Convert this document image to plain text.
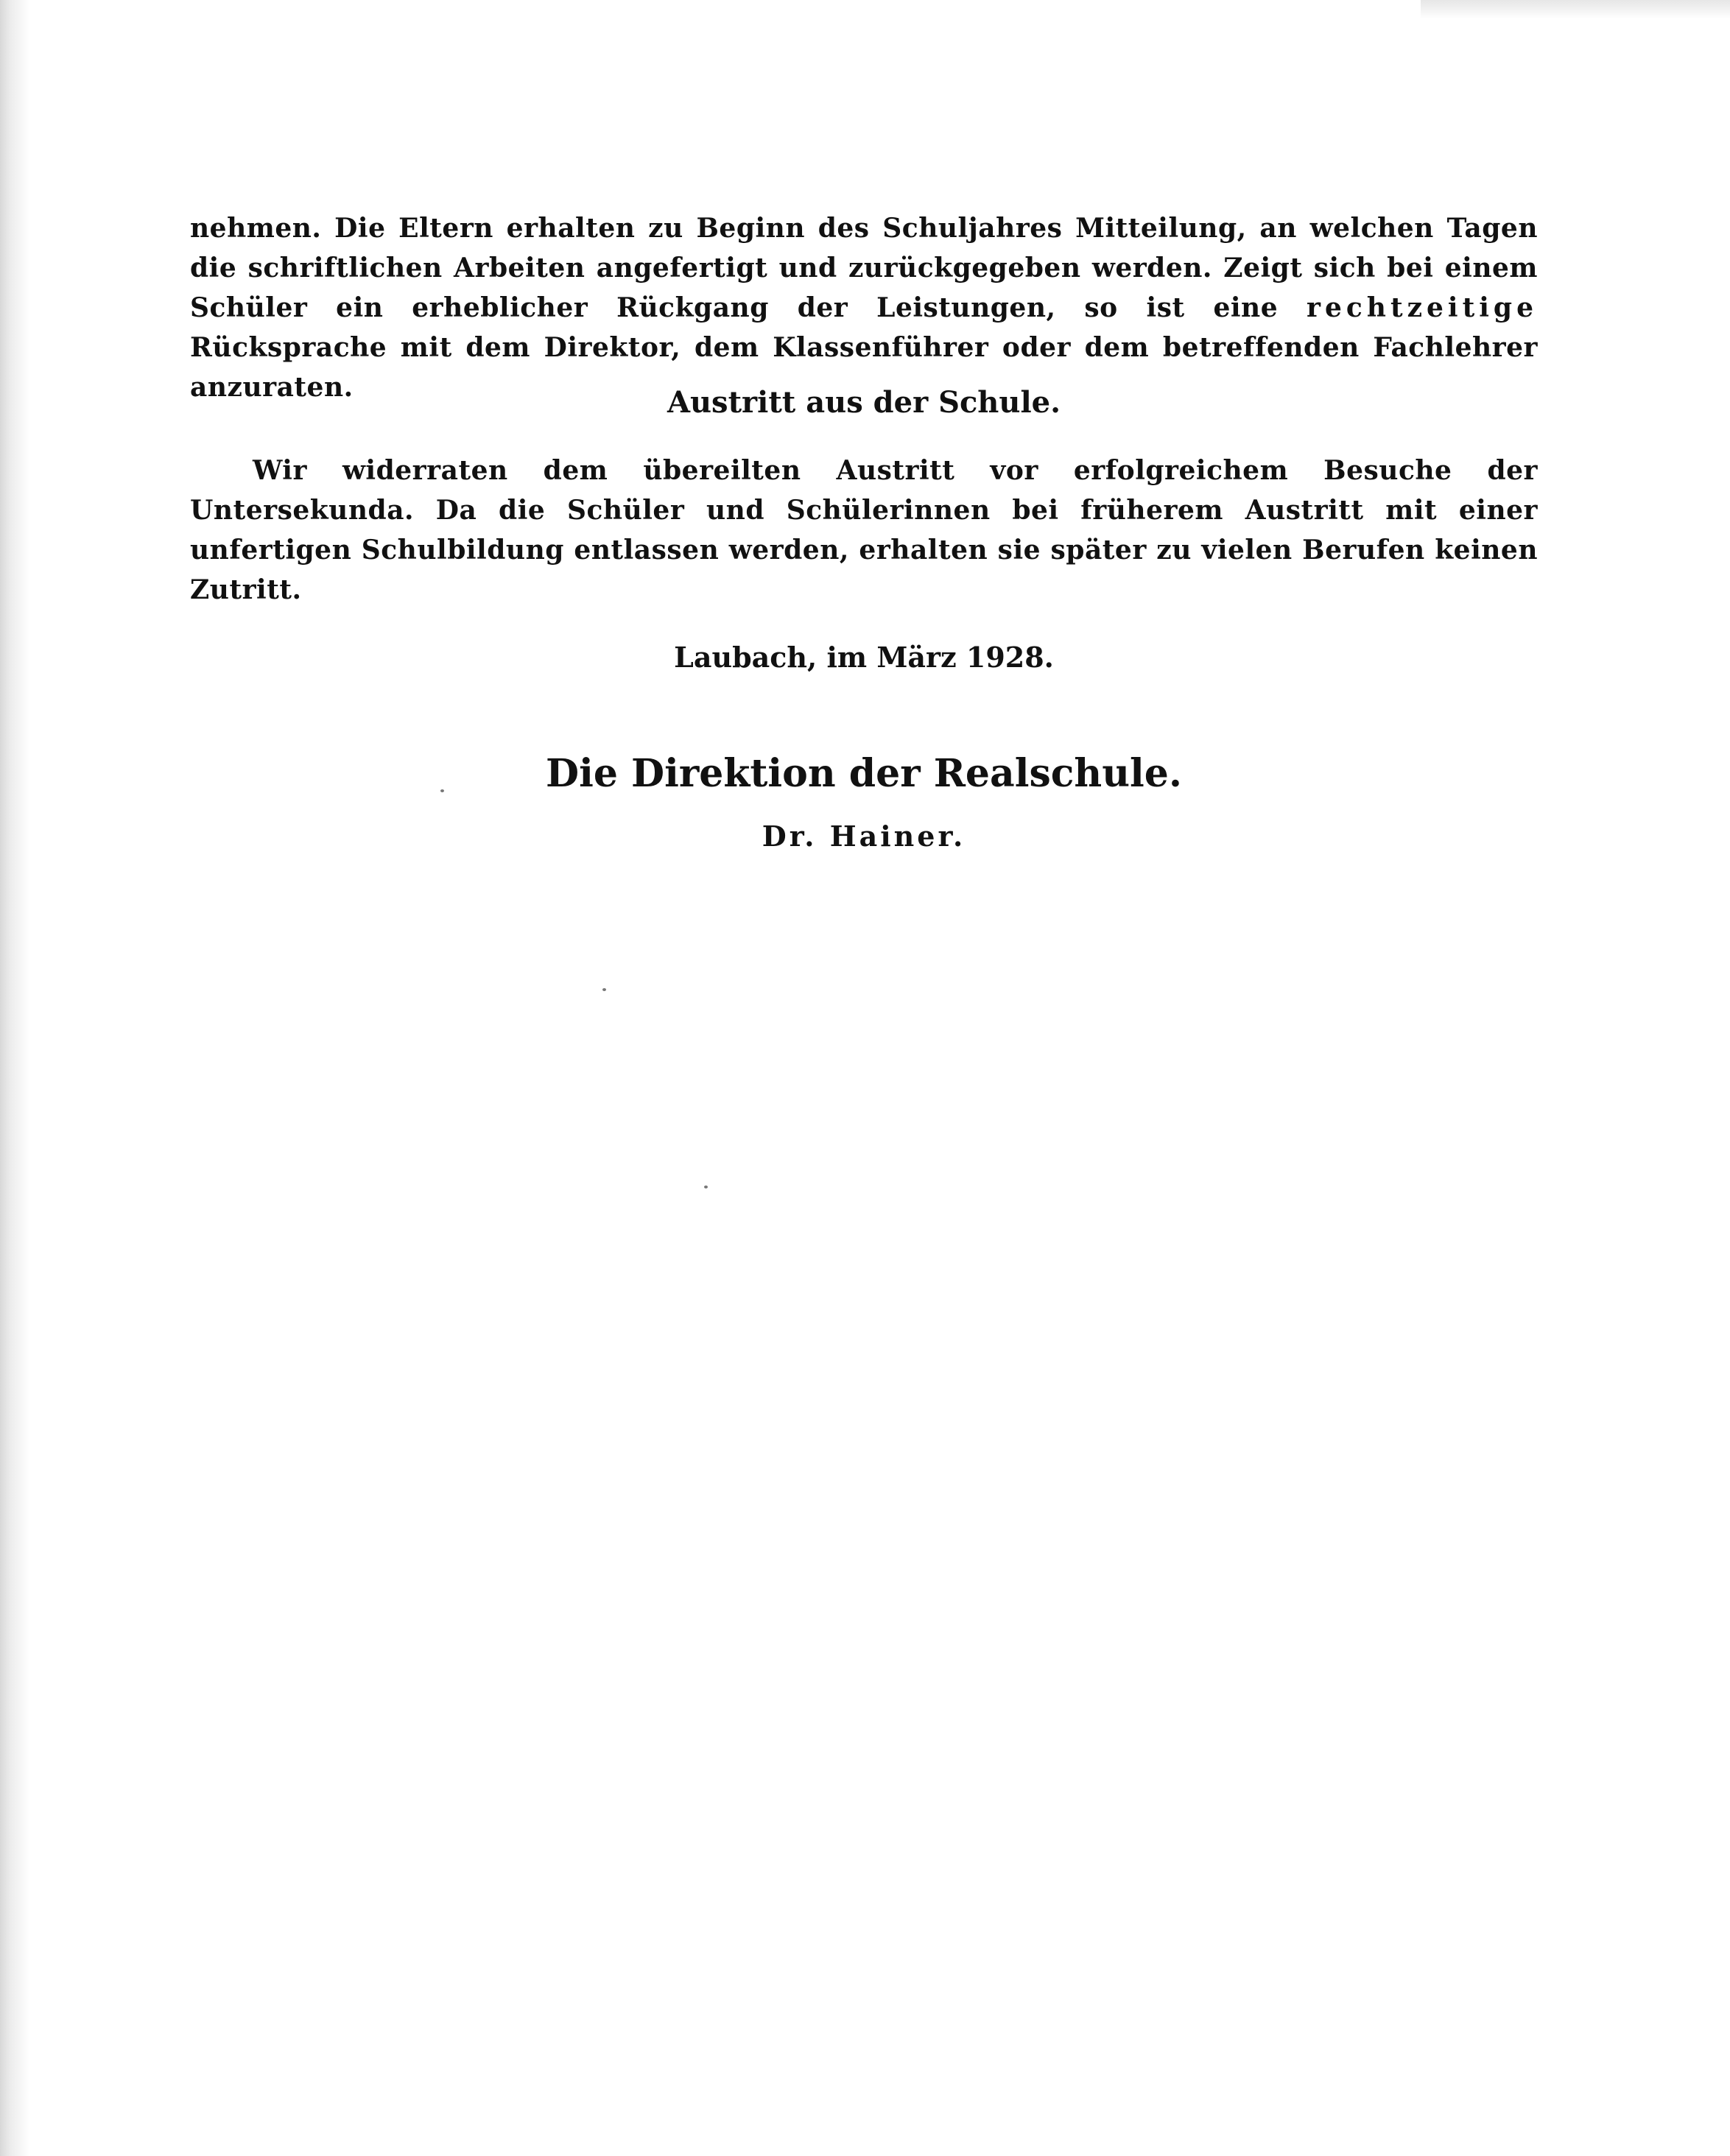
nehmen. Die Eltern erhalten zu Beginn des Schuljahres Mitteilung, an welchen Tagen die schriftlichen Arbeiten angefertigt und zurückgegeben werden. Zeigt sich bei einem Schüler ein erheblicher Rückgang der Leistungen, so ist eine rechtzeitige Rücksprache mit dem Direktor, dem Klassenführer oder dem betreffenden Fachlehrer anzuraten.	Austritt aus der Schule.
Wir widerraten dem übereilten Austritt vor erfolgreichem Besuche der Untersekunda. Da die Schüler und Schülerinnen bei früherem Austritt mit einer unfertigen Schulbildung entlassen werden, erhalten sie später zu vielen Berufen keinen Zutritt.
Laubach, im März 1928.
Die Direktion der Realschule.
Dr. Hainer.
